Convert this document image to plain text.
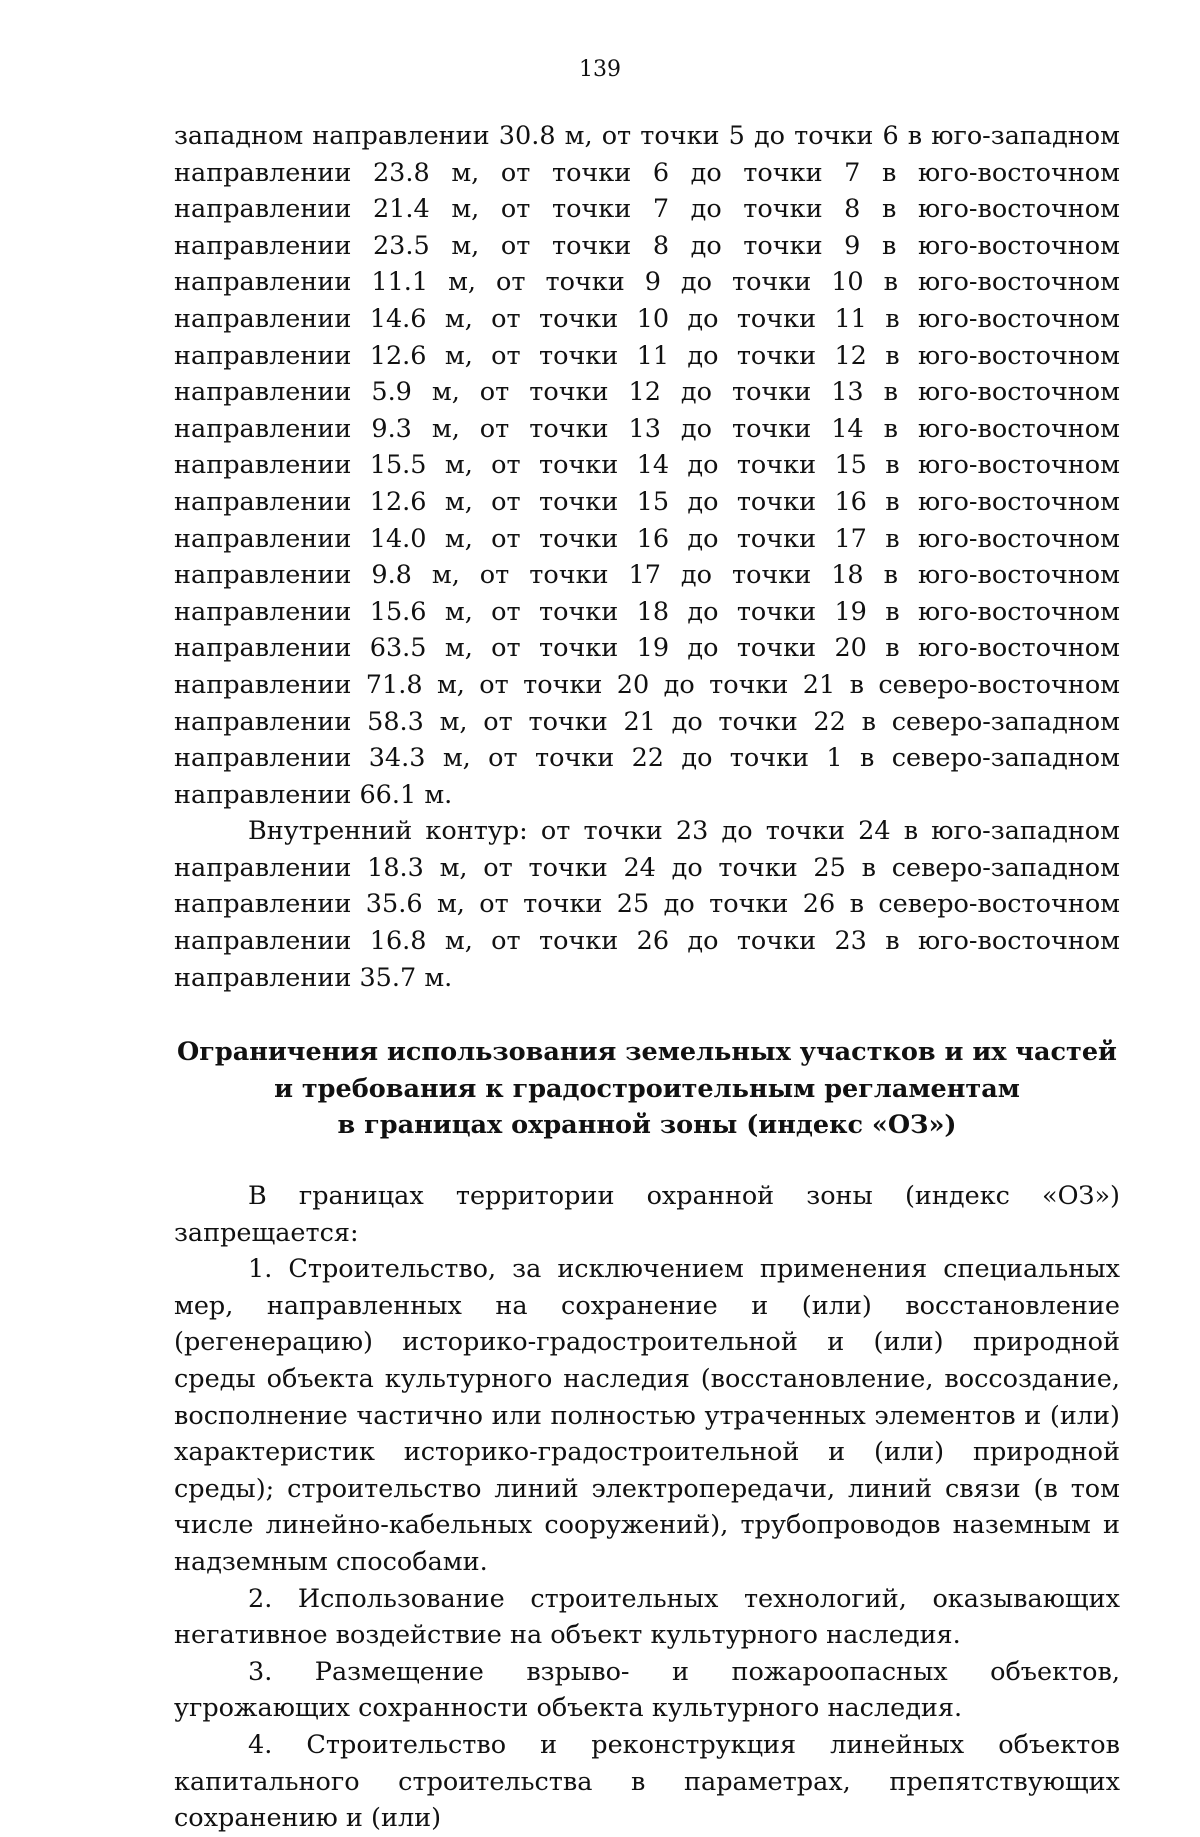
139

западном направлении 30.8 м, от точки 5 до точки 6 в юго-западном направлении 23.8 м, от точки 6 до точки 7 в юго-восточном направлении 21.4 м, от точки 7 до точки 8 в юго-восточном направлении 23.5 м, от точки 8 до точки 9 в юго-восточном направлении 11.1 м, от точки 9 до точки 10 в юго-восточном направлении 14.6 м, от точки 10 до точки 11 в юго-восточном направлении 12.6 м, от точки 11 до точки 12 в юго-восточном направлении 5.9 м, от точки 12 до точки 13 в юго-восточном направлении 9.3 м, от точки 13 до точки 14 в юго-восточном направлении 15.5 м, от точки 14 до точки 15 в юго-восточном направлении 12.6 м, от точки 15 до точки 16 в юго-восточном направлении 14.0 м, от точки 16 до точки 17 в юго-восточном направлении 9.8 м, от точки 17 до точки 18 в юго-восточном направлении 15.6 м, от точки 18 до точки 19 в юго-восточном направлении 63.5 м, от точки 19 до точки 20 в юго-восточном направлении 71.8 м, от точки 20 до точки 21 в северо-восточном направлении 58.3 м, от точки 21 до точки 22 в северо-западном направлении 34.3 м, от точки 22 до точки 1 в северо-западном направлении 66.1 м.

Внутренний контур: от точки 23 до точки 24 в юго-западном направлении 18.3 м, от точки 24 до точки 25 в северо-западном направлении 35.6 м, от точки 25 до точки 26 в северо-восточном направлении 16.8 м, от точки 26 до точки 23 в юго-восточном направлении 35.7 м.

Ограничения использования земельных участков и их частей
и требования к градостроительным регламентам
в границах охранной зоны (индекс «ОЗ»)

В границах территории охранной зоны (индекс «ОЗ») запрещается:

1. Строительство, за исключением применения специальных мер, направленных на сохранение и (или) восстановление (регенерацию) историко-градостроительной и (или) природной среды объекта культурного наследия (восстановление, воссоздание, восполнение частично или полностью утраченных элементов и (или) характеристик историко-градостроительной и (или) природной среды); строительство линий электропередачи, линий связи (в том числе линейно-кабельных сооружений), трубопроводов наземным и надземным способами.

2. Использование строительных технологий, оказывающих негативное воздействие на объект культурного наследия.

3. Размещение взрыво- и пожароопасных объектов, угрожающих сохранности объекта культурного наследия.

4. Строительство и реконструкция линейных объектов капитального строительства в параметрах, препятствующих сохранению и (или)
